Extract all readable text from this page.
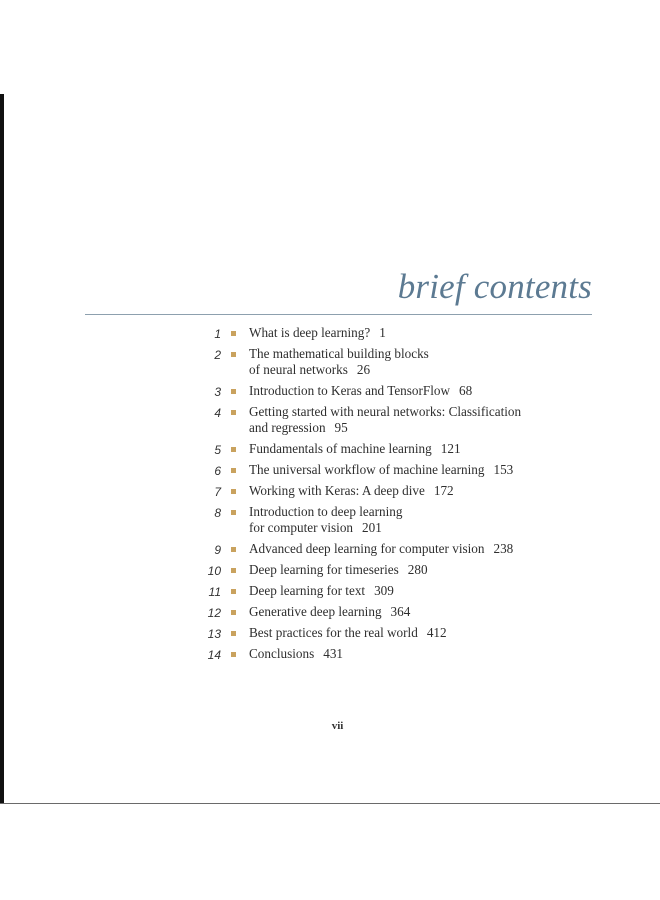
brief contents
1 What is deep learning? 1
2 The mathematical building blocks
of neural networks 26
3 Introduction to Keras and TensorFlow 68
4 Getting started with neural networks: Classification
and regression 95
5 Fundamentals of machine learning 121
6 The universal workflow of machine learning 153
7 Working with Keras: A deep dive 172
8 Introduction to deep learning
for computer vision 201
9 Advanced deep learning for computer vision 238
10 Deep learning for timeseries 280
11 Deep learning for text 309
12 Generative deep learning 364
13 Best practices for the real world 412
14 Conclusions 431
vii
